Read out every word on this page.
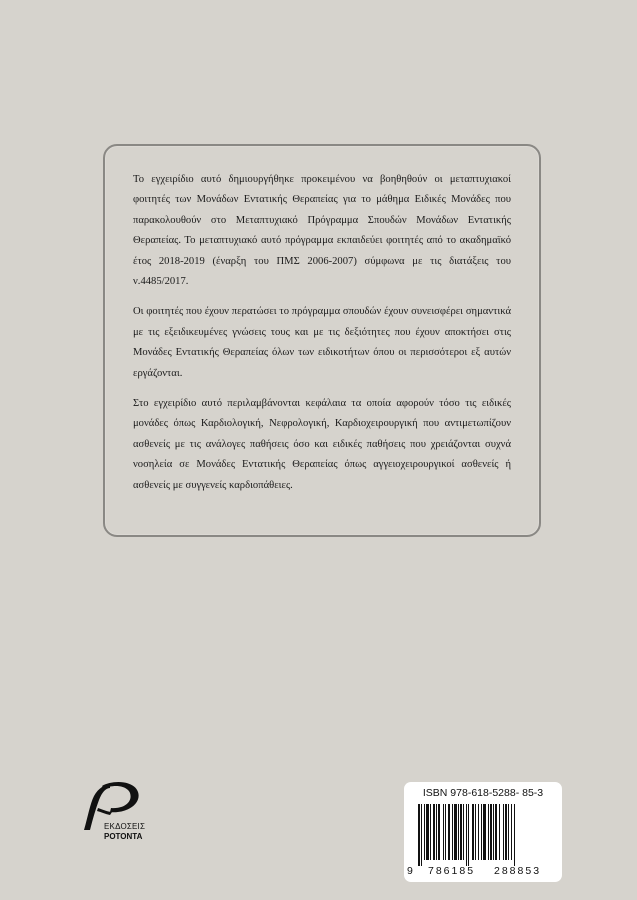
Το εγχειρίδιο αυτό δημιουργήθηκε προκειμένου να βοηθηθούν οι μεταπτυχιακοί φοιτητές των Μονάδων Εντατικής Θεραπείας για το μάθημα Ειδικές Μονάδες που παρακολουθούν στο Μεταπτυχιακό Πρόγραμμα Σπουδών Μονάδων Εντατικής Θεραπείας. Το μεταπτυχιακό αυτό πρόγραμμα εκπαιδεύει φοιτητές από το ακαδημαϊκό έτος 2018-2019 (έναρξη του ΠΜΣ 2006-2007) σύμφωνα με τις διατάξεις του ν.4485/2017.

Οι φοιτητές που έχουν περατώσει το πρόγραμμα σπουδών έχουν συνεισφέρει σημαντικά με τις εξειδικευμένες γνώσεις τους και με τις δεξιότητες που έχουν αποκτήσει στις Μονάδες Εντατικής Θεραπείας όλων των ειδικοτήτων όπου οι περισσότεροι εξ αυτών εργάζονται.

Στο εγχειρίδιο αυτό περιλαμβάνονται κεφάλαια τα οποία αφορούν τόσο τις ειδικές μονάδες όπως Καρδιολογική, Νεφρολογική, Καρδιοχειρουργική που αντιμετωπίζουν ασθενείς με τις ανάλογες παθήσεις όσο και ειδικές παθήσεις που χρειάζονται συχνά νοσηλεία σε Μονάδες Εντατικής Θεραπείας όπως αγγειοχειρουργικοί ασθενείς ή ασθενείς με συγγενείς καρδιοπάθειες.

ΕΚΔΟΣΕΙΣ
ΡΟΤΟΝΤΑ
ISBN 978-618-5288- 85-3
9 786185 288853
